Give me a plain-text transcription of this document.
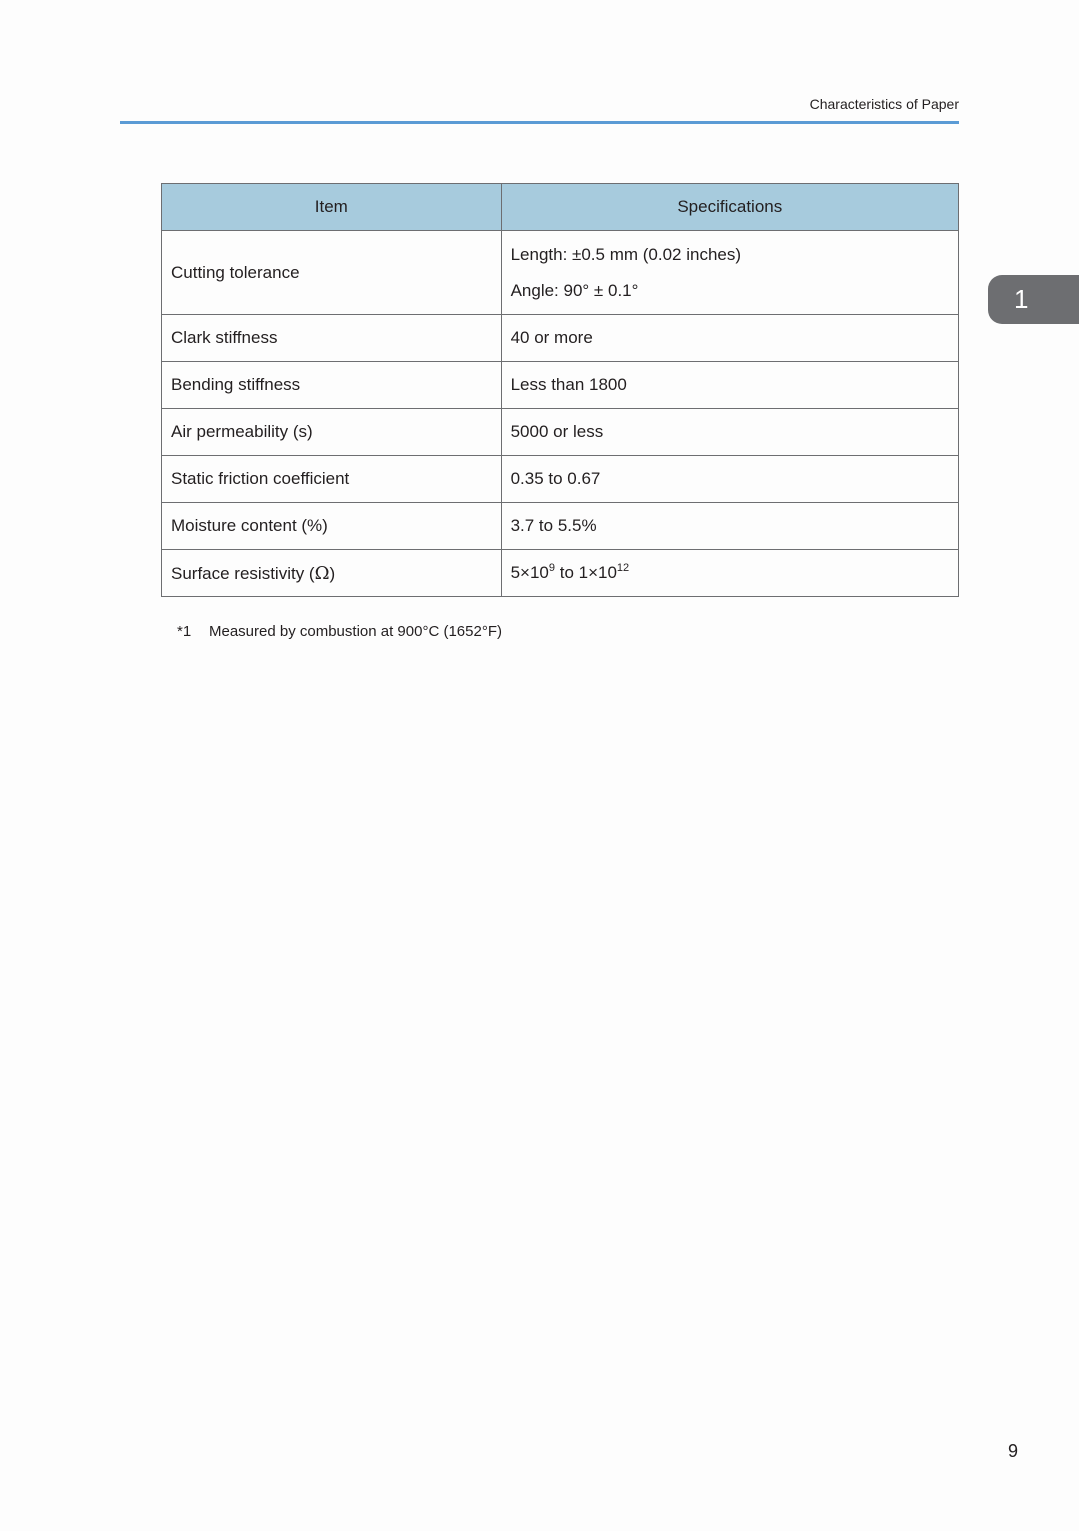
Characteristics of Paper
1
Item	Specifications
Cutting tolerance	Length: ±0.5 mm (0.02 inches)
Angle: 90° ± 0.1°

Clark stiffness	40 or more
Bending stiffness	Less than 1800
Air permeability (s)	5000 or less
Static friction coefficient	0.35 to 0.67
Moisture content (%)	3.7 to 5.5%
Surface resistivity (Ω)	$5\times 10^9$ to $1\times 10^{12}$
*1 Measured by combustion at 900°C (1652°F)
9
